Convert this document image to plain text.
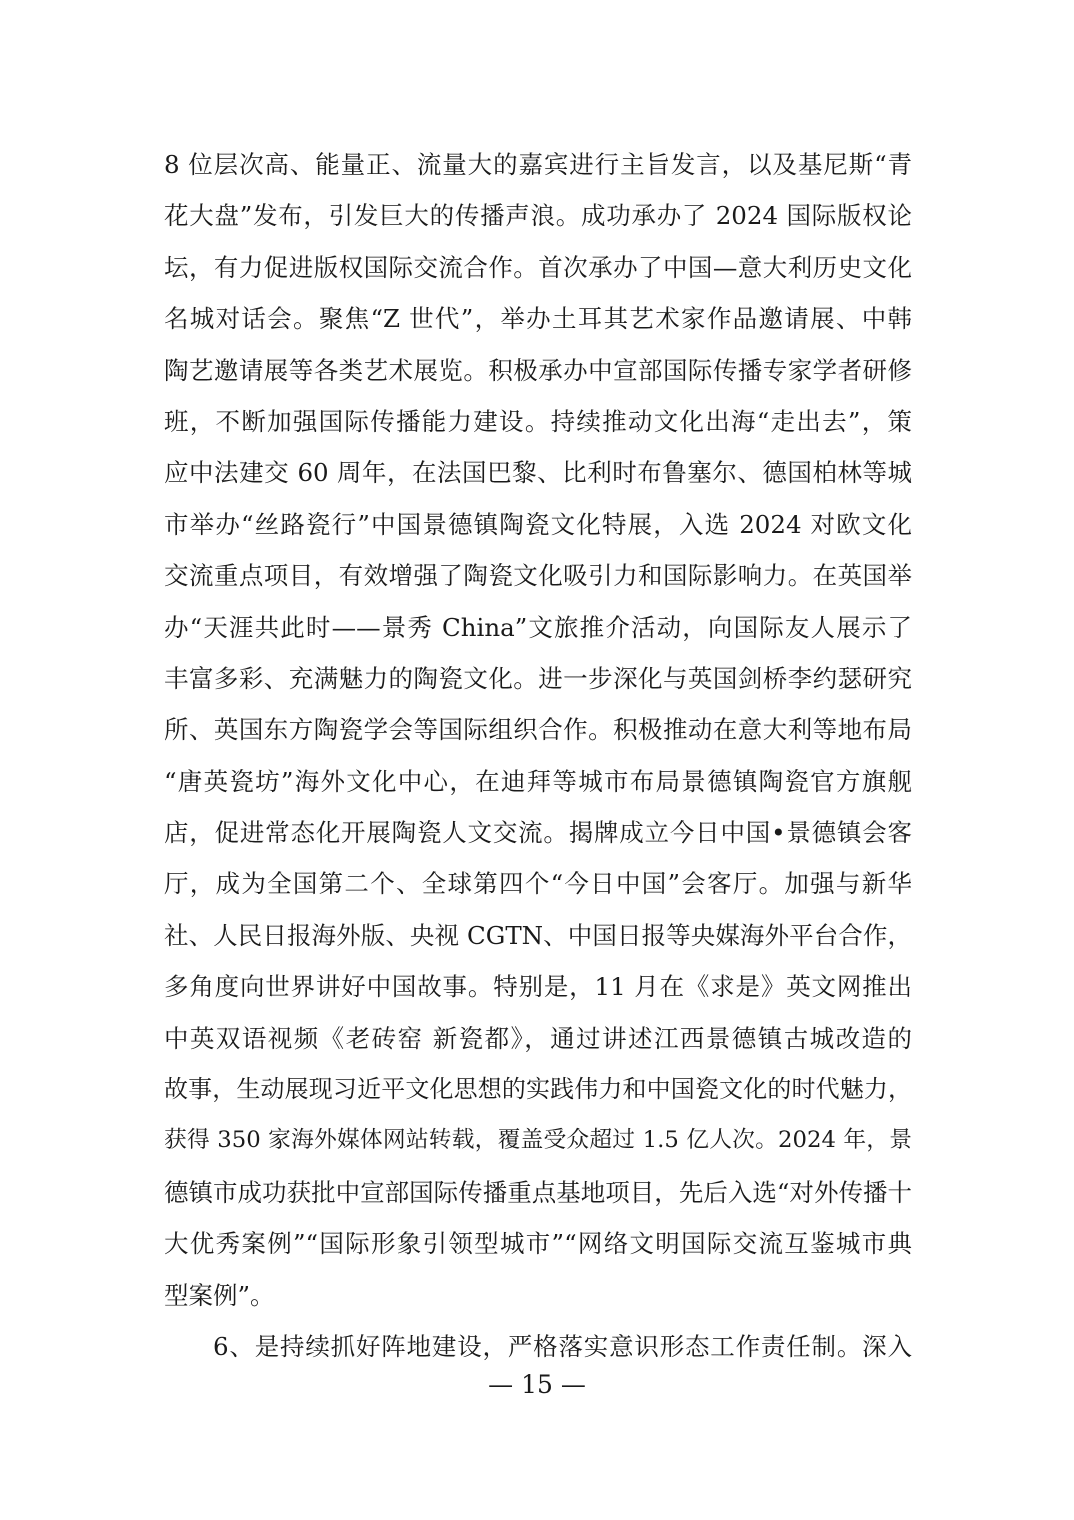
8 位层次高、能量正、流量大的嘉宾进行主旨发言，以及基尼斯“青
花大盘”发布，引发巨大的传播声浪。成功承办了 2024 国际版权论
坛，有力促进版权国际交流合作。首次承办了中国—意大利历史文化
名城对话会。聚焦“Z 世代”，举办土耳其艺术家作品邀请展、中韩
陶艺邀请展等各类艺术展览。积极承办中宣部国际传播专家学者研修
班，不断加强国际传播能力建设。持续推动文化出海“走出去”，策
应中法建交 60 周年，在法国巴黎、比利时布鲁塞尔、德国柏林等城
市举办“丝路瓷行”中国景德镇陶瓷文化特展，入选 2024 对欧文化
交流重点项目，有效增强了陶瓷文化吸引力和国际影响力。在英国举
办“天涯共此时——景秀 China”文旅推介活动，向国际友人展示了
丰富多彩、充满魅力的陶瓷文化。进一步深化与英国剑桥李约瑟研究
所、英国东方陶瓷学会等国际组织合作。积极推动在意大利等地布局
“唐英瓷坊”海外文化中心，在迪拜等城市布局景德镇陶瓷官方旗舰
店，促进常态化开展陶瓷人文交流。揭牌成立今日中国•景德镇会客
厅，成为全国第二个、全球第四个“今日中国”会客厅。加强与新华
社、人民日报海外版、央视 CGTN、中国日报等央媒海外平台合作，
多角度向世界讲好中国故事。特别是，11 月在《求是》英文网推出
中英双语视频《老砖窑 新瓷都》，通过讲述江西景德镇古城改造的
故事，生动展现习近平文化思想的实践伟力和中国瓷文化的时代魅力，
获得 350 家海外媒体网站转载，覆盖受众超过 1.5 亿人次。2024 年，景
德镇市成功获批中宣部国际传播重点基地项目，先后入选“对外传播十
大优秀案例”“国际形象引领型城市”“网络文明国际交流互鉴城市典
型案例”。
6、是持续抓好阵地建设，严格落实意识形态工作责任制。深入
— 15 —
